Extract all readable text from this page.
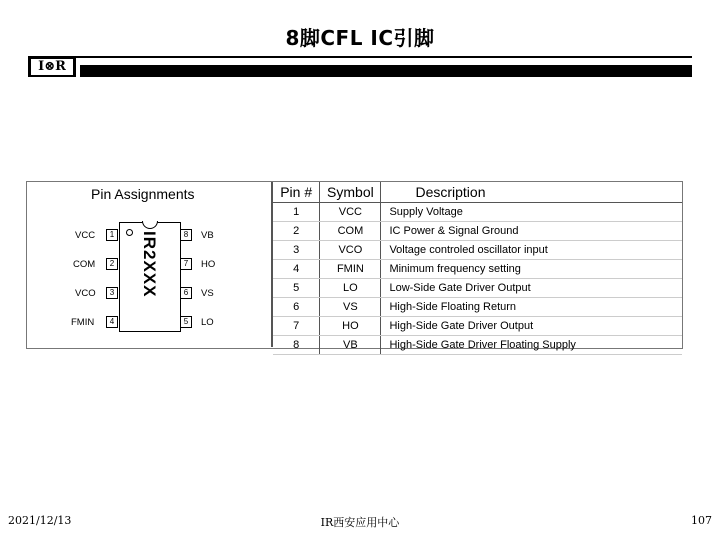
8脚CFL IC引脚
I⊗R
Pin Assignments
VCC
COM
VCO
FMIN
1
2
3
4
IR2XXX	8
7
6
5
VB
HO
VS
LO
Pin #	Symbol	Description
1	VCC	Supply Voltage
2	COM	IC Power & Signal Ground
3	VCO	Voltage controled oscillator input
4	FMIN	Minimum frequency setting
5	LO	Low-Side Gate Driver Output
6	VS	High-Side Floating Return
7	HO	High-Side Gate Driver Output
8	VB	High-Side Gate Driver Floating Supply
2021/12/13	IR西安应用中心	107
